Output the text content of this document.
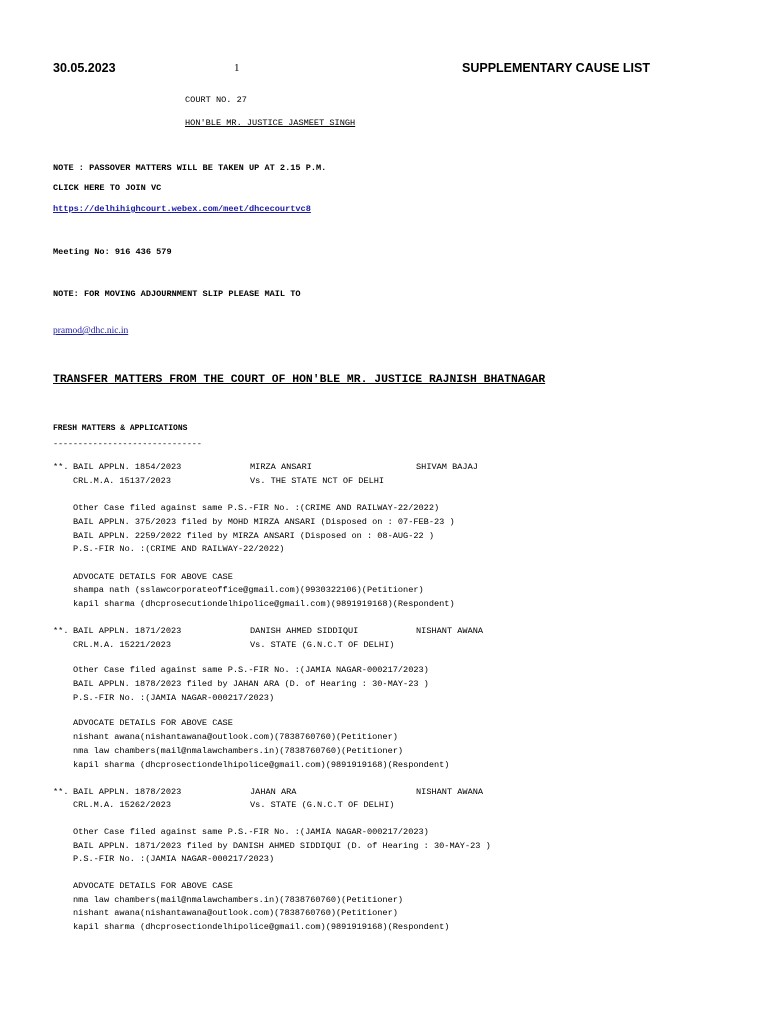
30.05.2023	1	SUPPLEMENTARY CAUSE LIST
COURT NO. 27
HON'BLE MR. JUSTICE JASMEET SINGH
NOTE : PASSOVER MATTERS WILL BE TAKEN UP AT 2.15 P.M.
CLICK HERE TO JOIN VC
https://delhihighcourt.webex.com/meet/dhcecourtvc8
Meeting No: 916 436 579
NOTE: FOR MOVING ADJOURNMENT SLIP PLEASE MAIL TO
pramod@dhc.nic.in
TRANSFER MATTERS FROM THE COURT OF HON'BLE MR. JUSTICE RAJNISH BHATNAGAR
FRESH MATTERS & APPLICATIONS
------------------------------
**. BAIL APPLN. 1854/2023	MIRZA ANSARI	SHIVAM BAJAJ
CRL.M.A. 15137/2023	Vs. THE STATE NCT OF DELHI
Other Case filed against same P.S.-FIR No. :(CRIME AND RAILWAY-22/2022)
BAIL APPLN. 375/2023 filed by MOHD MIRZA ANSARI (Disposed on : 07-FEB-23 )
BAIL APPLN. 2259/2022 filed by MIRZA ANSARI (Disposed on : 08-AUG-22 )
P.S.-FIR No. :(CRIME AND RAILWAY-22/2022)
ADVOCATE DETAILS FOR ABOVE CASE
shampa nath (sslawcorporateoffice@gmail.com)(9930322106)(Petitioner)
kapil sharma (dhcprosecutiondelhipolice@gmail.com)(9891919168)(Respondent)
**. BAIL APPLN. 1871/2023	DANISH AHMED SIDDIQUI	NISHANT AWANA
CRL.M.A. 15221/2023	Vs. STATE (G.N.C.T OF DELHI)
Other Case filed against same P.S.-FIR No. :(JAMIA NAGAR-000217/2023)
BAIL APPLN. 1878/2023 filed by JAHAN ARA (D. of Hearing : 30-MAY-23 )
P.S.-FIR No. :(JAMIA NAGAR-000217/2023)
ADVOCATE DETAILS FOR ABOVE CASE
nishant awana(nishantawana@outlook.com)(7838760760)(Petitioner)
nma law chambers(mail@nmalawchambers.in)(7838760760)(Petitioner)
kapil sharma (dhcprosectiondelhipolice@gmail.com)(9891919168)(Respondent)
**. BAIL APPLN. 1878/2023	JAHAN ARA	NISHANT AWANA
CRL.M.A. 15262/2023	Vs. STATE (G.N.C.T OF DELHI)
Other Case filed against same P.S.-FIR No. :(JAMIA NAGAR-000217/2023)
BAIL APPLN. 1871/2023 filed by DANISH AHMED SIDDIQUI (D. of Hearing : 30-MAY-23 )
P.S.-FIR No. :(JAMIA NAGAR-000217/2023)
ADVOCATE DETAILS FOR ABOVE CASE
nma law chambers(mail@nmalawchambers.in)(7838760760)(Petitioner)
nishant awana(nishantawana@outlook.com)(7838760760)(Petitioner)
kapil sharma (dhcprosectiondelhipolice@gmail.com)(9891919168)(Respondent)
